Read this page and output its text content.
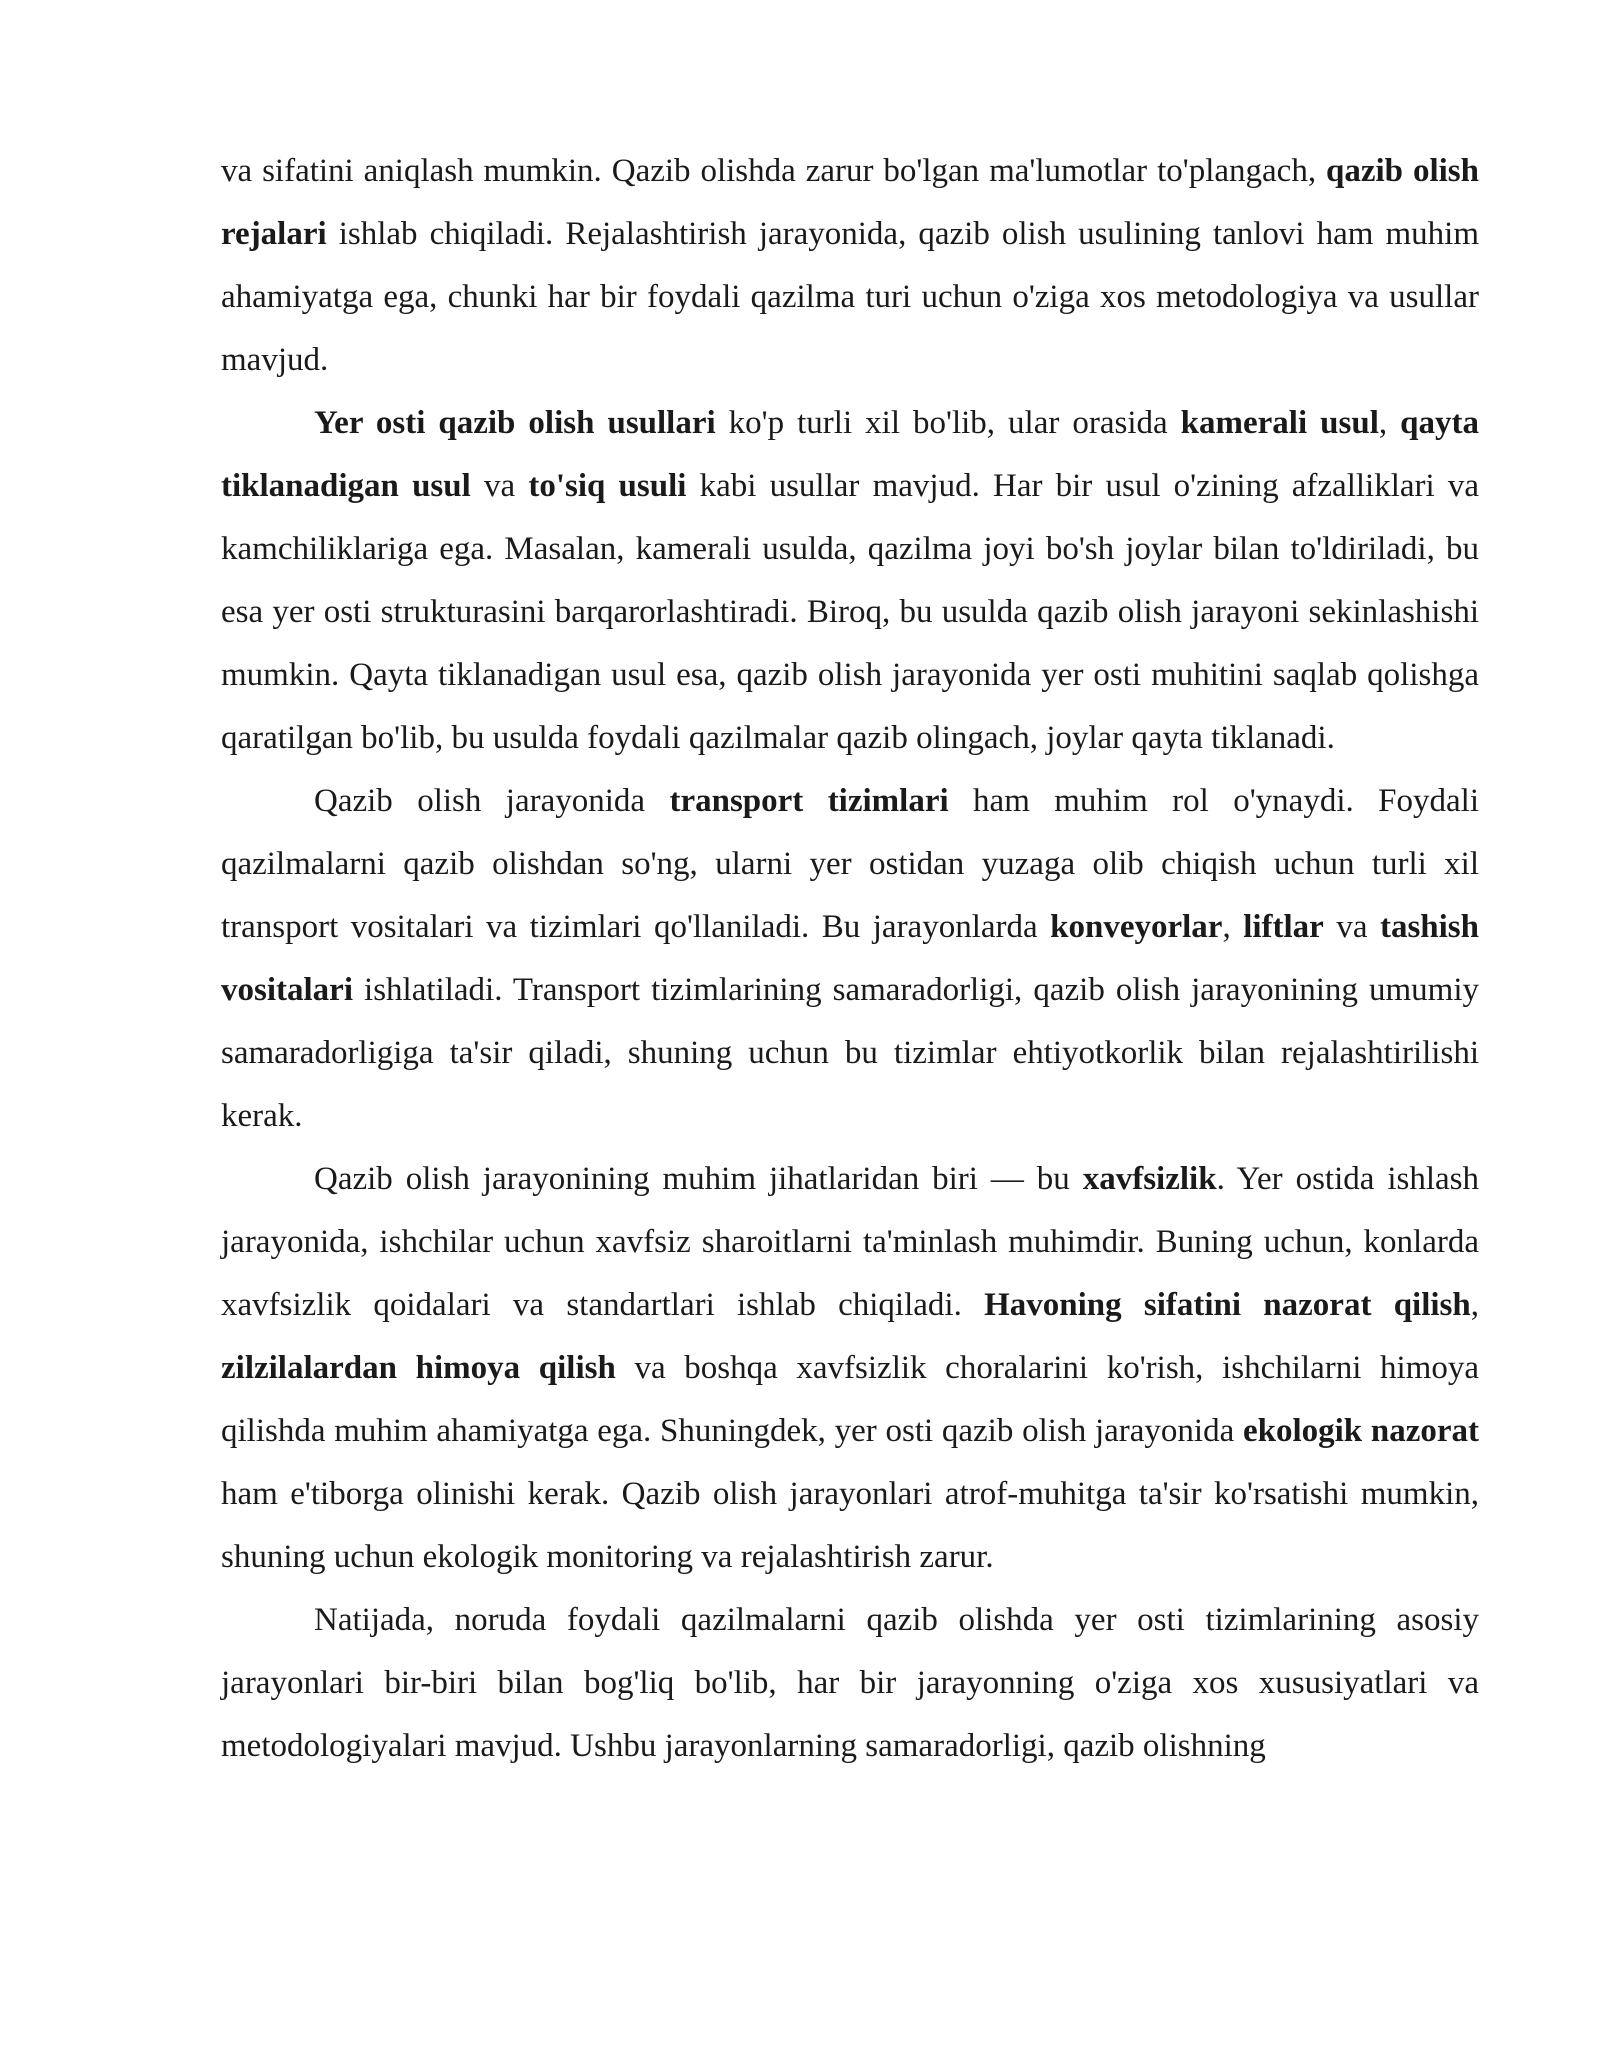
va sifatini aniqlash mumkin. Qazib olishda zarur bo'lgan ma'lumotlar to'plangach, qazib olish rejalari ishlab chiqiladi. Rejalashtirish jarayonida, qazib olish usulining tanlovi ham muhim ahamiyatga ega, chunki har bir foydali qazilma turi uchun o'ziga xos metodologiya va usullar mavjud.

Yer osti qazib olish usullari ko'p turli xil bo'lib, ular orasida kamerali usul, qayta tiklanadigan usul va to'siq usuli kabi usullar mavjud. Har bir usul o'zining afzalliklari va kamchiliklariga ega. Masalan, kamerali usulda, qazilma joyi bo'sh joylar bilan to'ldiriladi, bu esa yer osti strukturasini barqarorlashtiradi. Biroq, bu usulda qazib olish jarayoni sekinlashishi mumkin. Qayta tiklanadigan usul esa, qazib olish jarayonida yer osti muhitini saqlab qolishga qaratilgan bo'lib, bu usulda foydali qazilmalar qazib olingach, joylar qayta tiklanadi.

Qazib olish jarayonida transport tizimlari ham muhim rol o'ynaydi. Foydali qazilmalarni qazib olishdan so'ng, ularni yer ostidan yuzaga olib chiqish uchun turli xil transport vositalari va tizimlari qo'llaniladi. Bu jarayonlarda konveyorlar, liftlar va tashish vositalari ishlatiladi. Transport tizimlarining samaradorligi, qazib olish jarayonining umumiy samaradorligiga ta'sir qiladi, shuning uchun bu tizimlar ehtiyotkorlik bilan rejalashtirilishi kerak.

Qazib olish jarayonining muhim jihatlaridan biri — bu xavfsizlik. Yer ostida ishlash jarayonida, ishchilar uchun xavfsiz sharoitlarni ta'minlash muhimdir. Buning uchun, konlarda xavfsizlik qoidalari va standartlari ishlab chiqiladi. Havoning sifatini nazorat qilish, zilzilalardan himoya qilish va boshqa xavfsizlik choralarini ko'rish, ishchilarni himoya qilishda muhim ahamiyatga ega. Shuningdek, yer osti qazib olish jarayonida ekologik nazorat ham e'tiborga olinishi kerak. Qazib olish jarayonlari atrof-muhitga ta'sir ko'rsatishi mumkin, shuning uchun ekologik monitoring va rejalashtirish zarur.

Natijada, noruda foydali qazilmalarni qazib olishda yer osti tizimlarining asosiy jarayonlari bir-biri bilan bog'liq bo'lib, har bir jarayonning o'ziga xos xususiyatlari va metodologiyalari mavjud. Ushbu jarayonlarning samaradorligi, qazib olishning
